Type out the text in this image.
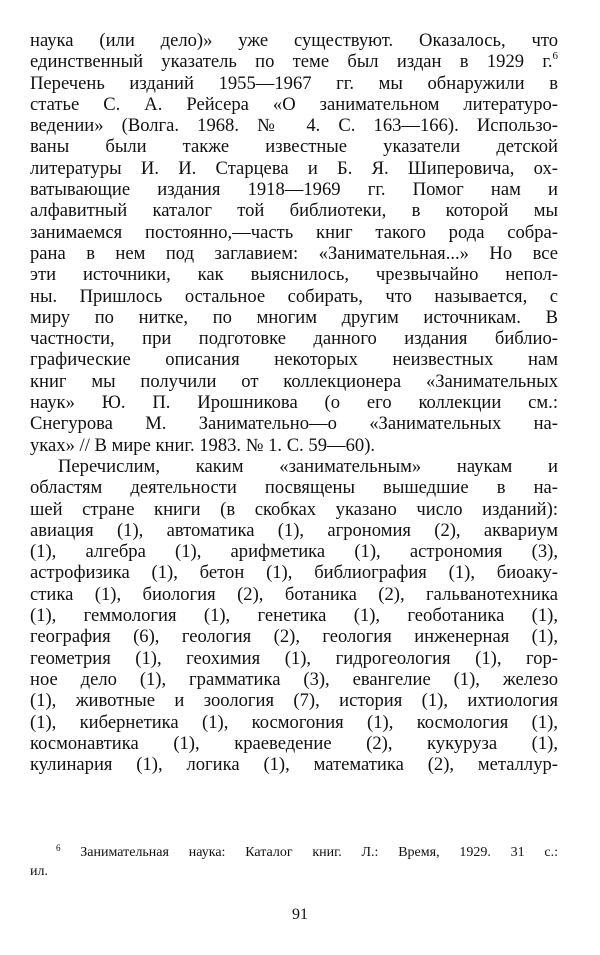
наука (или дело)» уже существуют. Оказалось, что
единственный указатель по теме был издан в 1929 г.$^6$
Перечень изданий 1955—1967 гг. мы обнаружили в
статье С. А. Рейсера «О занимательном литературо-
ведении» (Волга. 1968. № 4. С. 163—166). Использо-
ваны были также известные указатели детской
литературы И. И. Старцева и Б. Я. Шиперовича, ох-
ватывающие издания 1918—1969 гг. Помог нам и
алфавитный каталог той библиотеки, в которой мы
занимаемся постоянно,—часть книг такого рода собра-
рана в нем под заглавием: «Занимательная...» Но все
эти источники, как выяснилось, чрезвычайно непол-
ны. Пришлось остальное собирать, что называется, с
миру по нитке, по многим другим источникам. В
частности, при подготовке данного издания библио-
графические описания некоторых неизвестных нам
книг мы получили от коллекционера «Занимательных
наук» Ю. П. Ирошникова (о его коллекции см.:
Снегурова М. Занимательно—о «Занимательных на-
уках» // В мире книг. 1983. № 1. С. 59—60).
Перечислим, каким «занимательным» наукам и
областям деятельности посвящены вышедшие в на-
шей стране книги (в скобках указано число изданий):
авиация (1), автоматика (1), агрономия (2), аквариум
(1), алгебра (1), арифметика (1), астрономия (3),
астрофизика (1), бетон (1), библиография (1), биоаку-
стика (1), биология (2), ботаника (2), гальванотехника
(1), геммология (1), генетика (1), геоботаника (1),
география (6), геология (2), геология инженерная (1),
геометрия (1), геохимия (1), гидрогеология (1), гор-
ное дело (1), грамматика (3), евангелие (1), железо
(1), животные и зоология (7), история (1), ихтиология
(1), кибернетика (1), космогония (1), космология (1),
космонавтика (1), краеведение (2), кукуруза (1),
кулинария (1), логика (1), математика (2), металлур-
$^6$ Занимательная наука: Каталог книг. Л.: Время, 1929. 31 с.:
ил.
91
